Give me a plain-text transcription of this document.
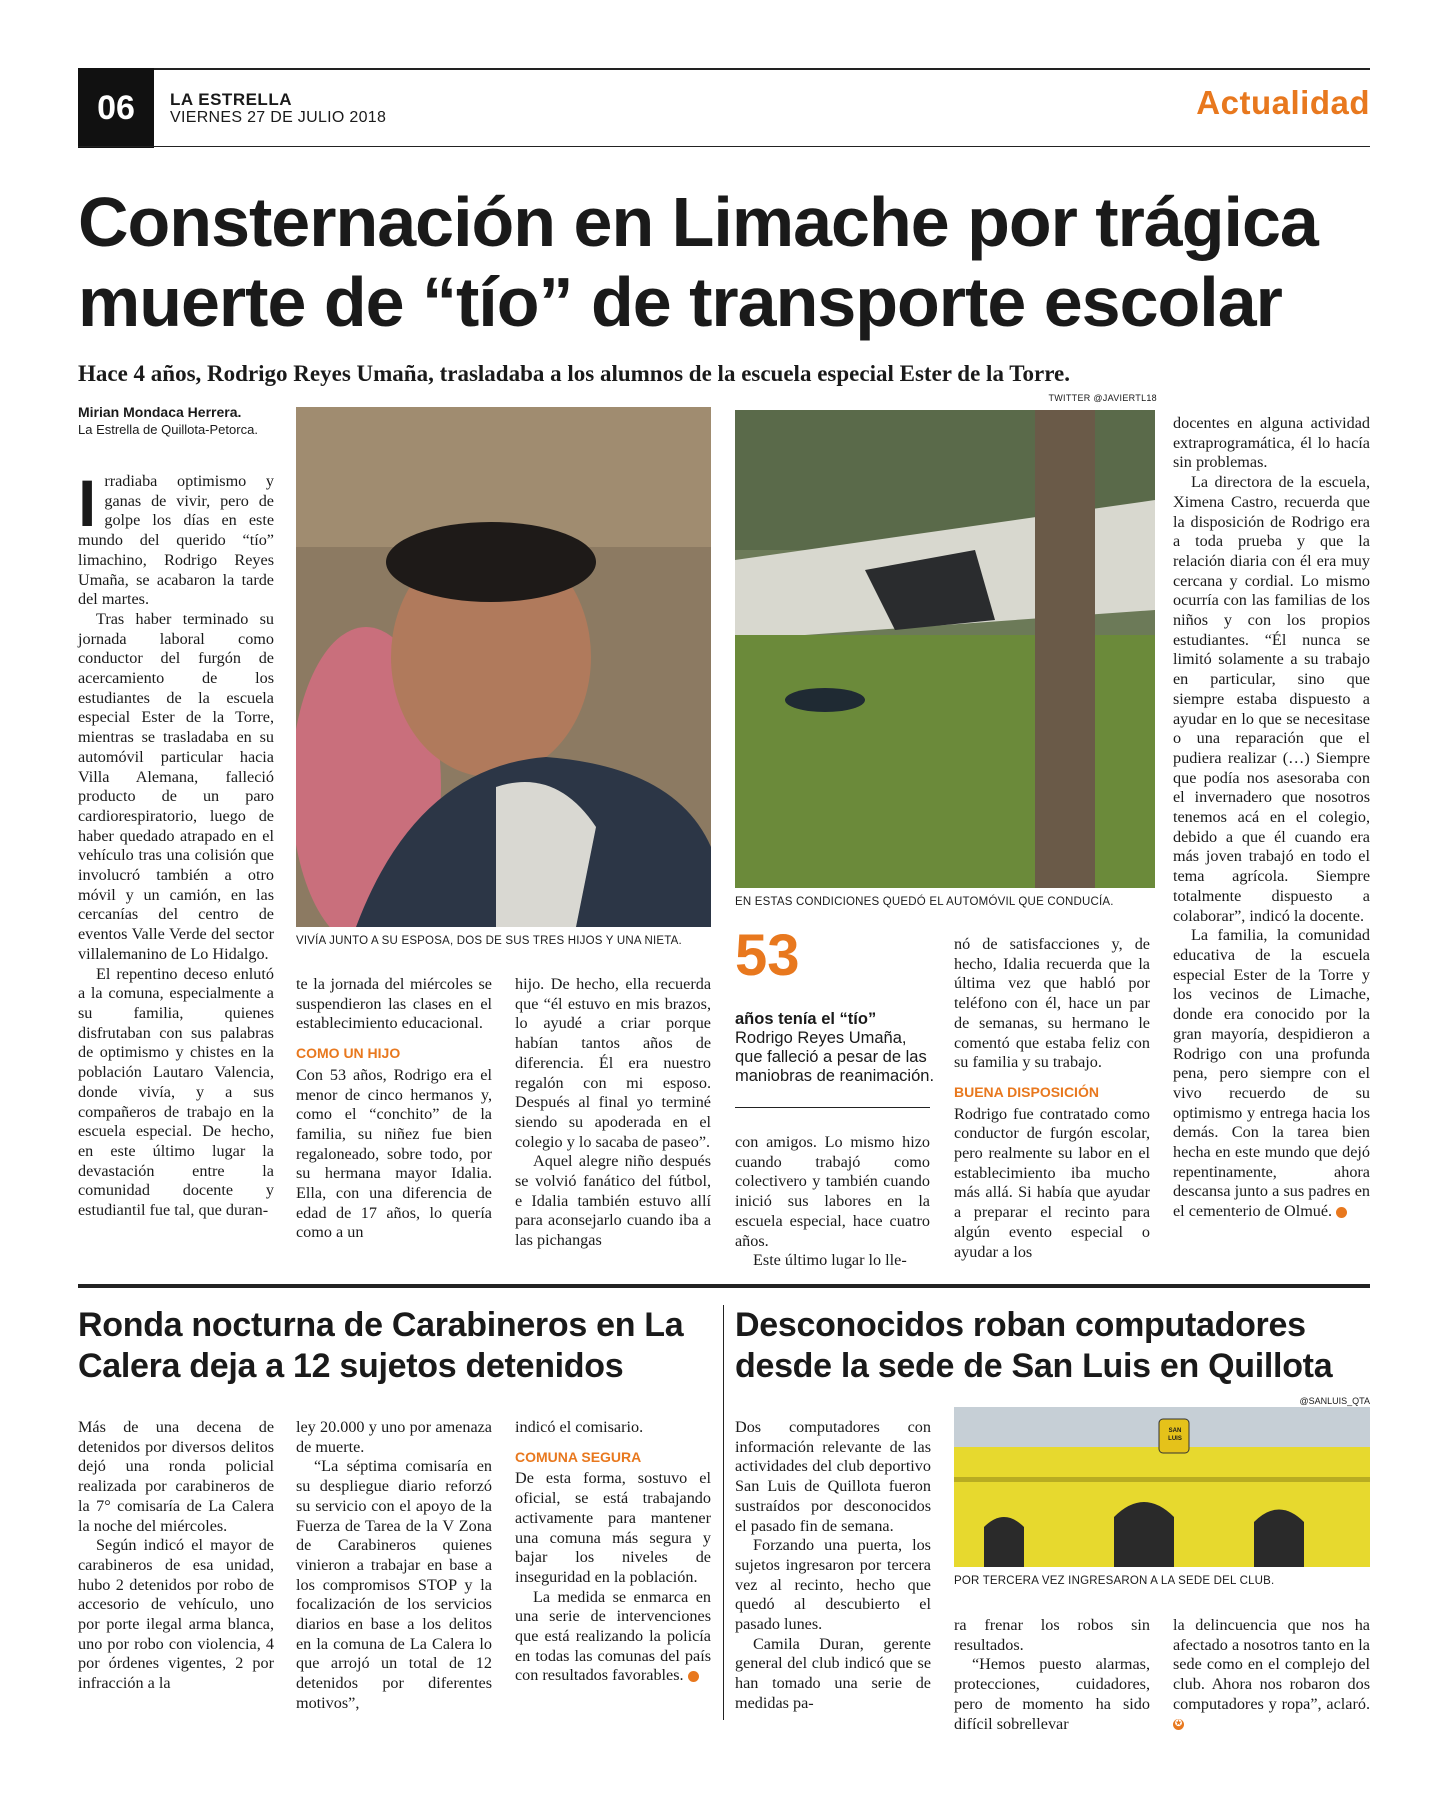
06	LA ESTRELLA
VIERNES 27 DE JULIO 2018	Actualidad
Consternación en Limache por trágica
muerte de “tío” de transporte escolar
Hace 4 años, Rodrigo Reyes Umaña, trasladaba a los alumnos de la escuela especial Ester de la Torre.
Mirian Mondaca Herrera.
La Estrella de Quillota-Petorca.
TWITTER @JAVIERTL18
VIVÍA JUNTO A SU ESPOSA, DOS DE SUS TRES HIJOS Y UNA NIETA.
EN ESTAS CONDICIONES QUEDÓ EL AUTOMÓVIL QUE CONDUCÍA.
53
años tenía el “tío” Rodrigo Reyes Umaña, que falleció a pesar de las maniobras de reanimación.

Irradiaba optimismo y ganas de vivir, pero de golpe los días en este mundo del querido “tío” limachino, Rodrigo Reyes Umaña, se acabaron la tarde del martes.

Tras haber terminado su jornada laboral como conductor del furgón de acercamiento de los estudiantes de la escuela especial Ester de la Torre, mientras se trasladaba en su automóvil particular hacia Villa Alemana, falleció producto de un paro cardiorespiratorio, luego de haber quedado atrapado en el vehículo tras una colisión que involucró también a otro móvil y un camión, en las cercanías del centro de eventos Valle Verde del sector villalemanino de Lo Hidalgo.

El repentino deceso enlutó a la comuna, especialmente a su familia, quienes disfrutaban con sus palabras de optimismo y chistes en la población Lautaro Valencia, donde vivía, y a sus compañeros de trabajo en la escuela especial. De hecho, en este último lugar la devastación entre la comunidad docente y estudiantil fue tal, que duran-

te la jornada del miércoles se suspendieron las clases en el establecimiento educacional.

COMO UN HIJO

Con 53 años, Rodrigo era el menor de cinco hermanos y, como el “conchito” de la familia, su niñez fue bien regaloneado, sobre todo, por su hermana mayor Idalia. Ella, con una diferencia de edad de 17 años, lo quería como a un

hijo. De hecho, ella recuerda que “él estuvo en mis brazos, lo ayudé a criar porque habían tantos años de diferencia. Él era nuestro regalón con mi esposo. Después al final yo terminé siendo su apoderada en el colegio y lo sacaba de paseo”.

Aquel alegre niño después se volvió fanático del fútbol, e Idalia también estuvo allí para aconsejarlo cuando iba a las pichangas

con amigos. Lo mismo hizo cuando trabajó como colectivero y también cuando inició sus labores en la escuela especial, hace cuatro años.

Este último lugar lo lle-

nó de satisfacciones y, de hecho, Idalia recuerda que la última vez que habló por teléfono con él, hace un par de semanas, su hermano le comentó que estaba feliz con su familia y su trabajo.

BUENA DISPOSICIÓN

Rodrigo fue contratado como conductor de furgón escolar, pero realmente su labor en el establecimiento iba mucho más allá. Si había que ayudar a preparar el recinto para algún evento especial o ayudar a los

docentes en alguna actividad extraprogramática, él lo hacía sin problemas.

La directora de la escuela, Ximena Castro, recuerda que la disposición de Rodrigo era a toda prueba y que la relación diaria con él era muy cercana y cordial. Lo mismo ocurría con las familias de los niños y con los propios estudiantes. “Él nunca se limitó solamente a su trabajo en particular, sino que siempre estaba dispuesto a ayudar en lo que se necesitase o una reparación que el pudiera realizar (…) Siempre que podía nos asesoraba con el invernadero que nosotros tenemos acá en el colegio, debido a que él cuando era más joven trabajó en todo el tema agrícola. Siempre totalmente dispuesto a colaborar”, indicó la docente.

La familia, la comunidad educativa de la escuela especial Ester de la Torre y los vecinos de Limache, donde era conocido por la gran mayoría, despidieron a Rodrigo con una profunda pena, pero siempre con el vivo recuerdo de su optimismo y entrega hacia los demás. Con la tarea bien hecha en este mundo que dejó repentinamente, ahora descansa junto a sus padres en el cementerio de Olmué. ✪

Ronda nocturna de Carabineros en La Calera deja a 12 sujetos detenidos

Más de una decena de detenidos por diversos delitos dejó una ronda policial realizada por carabineros de la 7° comisaría de La Calera la noche del miércoles.

Según indicó el mayor de carabineros de esa unidad, hubo 2 detenidos por robo de accesorio de vehículo, uno por porte ilegal arma blanca, uno por robo con violencia, 4 por órdenes vigentes, 2 por infracción a la

ley 20.000 y uno por amenaza de muerte.

“La séptima comisaría en su despliegue diario reforzó su servicio con el apoyo de la Fuerza de Tarea de la V Zona de Carabineros quienes vinieron a trabajar en base a los compromisos STOP y la focalización de los servicios diarios en base a los delitos en la comuna de La Calera lo que arrojó un total de 12 detenidos por diferentes motivos”,

indicó el comisario.

COMUNA SEGURA

De esta forma, sostuvo el oficial, se está trabajando activamente para mantener una comuna más segura y bajar los niveles de inseguridad en la población.

La medida se enmarca en una serie de intervenciones que está realizando la policía en todas las comunas del país con resultados favorables. ✪

Desconocidos roban computadores desde la sede de San Luis en Quillota
@SANLUIS_QTA
SAN LUIS
POR TERCERA VEZ INGRESARON A LA SEDE DEL CLUB.

Dos computadores con información relevante de las actividades del club deportivo San Luis de Quillota fueron sustraídos por desconocidos el pasado fin de semana.

Forzando una puerta, los sujetos ingresaron por tercera vez al recinto, hecho que quedó al descubierto el pasado lunes.

Camila Duran, gerente general del club indicó que se han tomado una serie de medidas pa-

ra frenar los robos sin resultados.

“Hemos puesto alarmas, protecciones, cuidadores, pero de momento ha sido difícil sobrellevar

la delincuencia que nos ha afectado a nosotros tanto en la sede como en el complejo del club. Ahora nos robaron dos computadores y ropa”, aclaró. ✪
